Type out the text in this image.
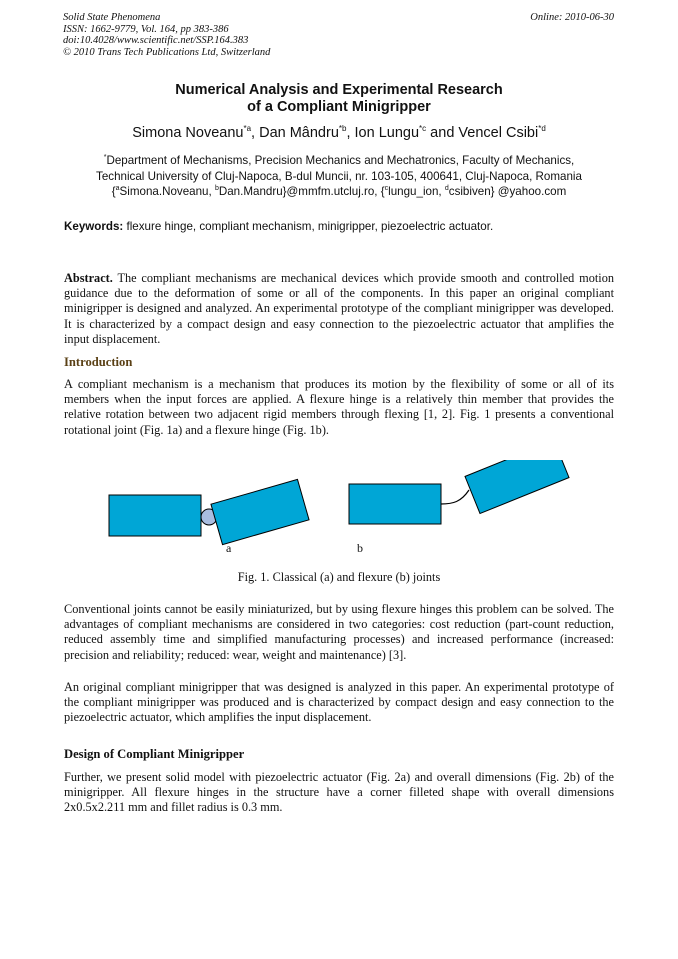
Solid State Phenomena
ISSN: 1662-9779, Vol. 164, pp 383-386
doi:10.4028/www.scientific.net/SSP.164.383
© 2010 Trans Tech Publications Ltd, Switzerland
Online: 2010-06-30
Numerical Analysis and Experimental Research
of a Compliant Minigripper
Simona Noveanu$^{*a}$, Dan Mândru$^{*b}$, Ion Lungu$^{*c}$ and Vencel Csibi$^{*d}$
*Department of Mechanisms, Precision Mechanics and Mechatronics, Faculty of Mechanics,
Technical University of Cluj-Napoca, B-dul Muncii, nr. 103-105, 400641, Cluj-Napoca, Romania
{$^a$Simona.Noveanu, $^b$Dan.Mandru}@mmfm.utcluj.ro, {$^c$lungu_ion, $^d$csibiven} @yahoo.com
Keywords: flexure hinge, compliant mechanism, minigripper, piezoelectric actuator.
Abstract. The compliant mechanisms are mechanical devices which provide smooth and controlled motion guidance due to the deformation of some or all of the components. In this paper an original compliant minigripper is designed and analyzed. An experimental prototype of the compliant minigripper was developed. It is characterized by a compact design and easy connection to the piezoelectric actuator that amplifies the input displacement.
Introduction
A compliant mechanism is a mechanism that produces its motion by the flexibility of some or all of its members when the input forces are applied. A flexure hinge is a relatively thin member that provides the relative rotation between two adjacent rigid members through flexing [1, 2]. Fig. 1 presents a conventional rotational joint (Fig. 1a) and a flexure hinge (Fig. 1b).
a	b
Fig. 1. Classical (a) and flexure (b) joints
Conventional joints cannot be easily miniaturized, but by using flexure hinges this problem can be solved. The advantages of compliant mechanisms are considered in two categories: cost reduction (part-count reduction, reduced assembly time and simplified manufacturing processes) and increased performance (increased: precision and reliability; reduced: wear, weight and maintenance) [3].
An original compliant minigripper that was designed is analyzed in this paper. An experimental prototype of the compliant minigripper was produced and is characterized by compact design and easy connection to the piezoelectric actuator, which amplifies the input displacement.
Design of Compliant Minigripper
Further, we present solid model with piezoelectric actuator (Fig. 2a) and overall dimensions (Fig. 2b) of the minigripper. All flexure hinges in the structure have a corner filleted shape with overall dimensions 2x0.5x2.211 mm and fillet radius is 0.3 mm.
